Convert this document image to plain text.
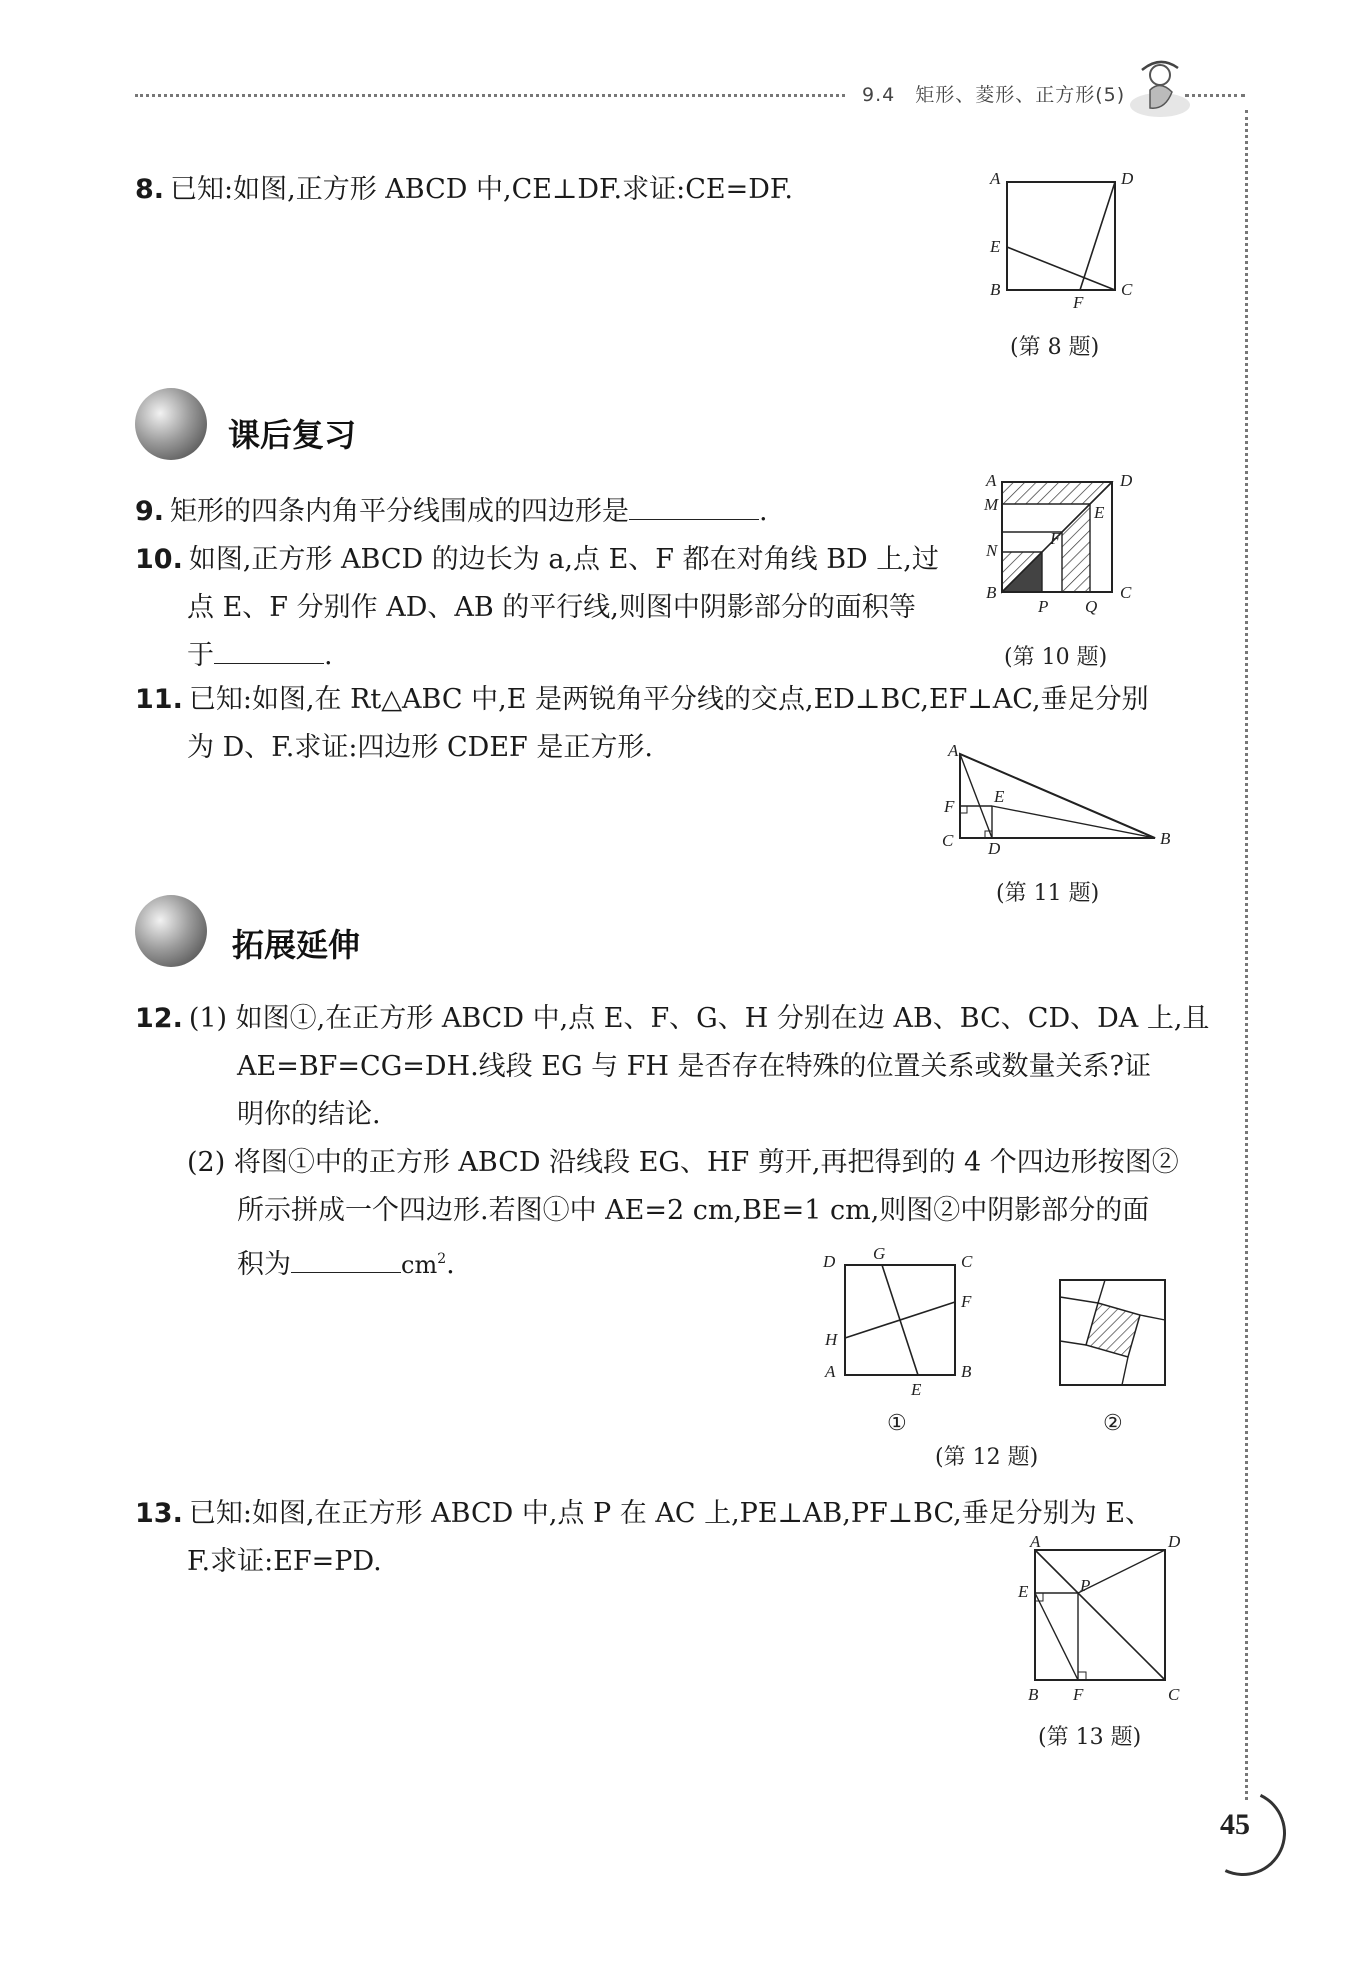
9.4　矩形、菱形、正方形(5)
8. 已知:如图,正方形 ABCD 中,CE⊥DF.求证:CE=DF.	A	D
E
B
F
C
(第 8 题)
课后复习
9. 矩形的四条内角平分线围成的四边形是	.
10. 如图,正方形 ABCD 的边长为 a,点 E、F 都在对角线 BD 上,过
点 E、F 分别作 AD、AB 的平行线,则图中阴影部分的面积等
于	.
A	D
M	E
N
F
B
P Q
C
(第 10 题)
11. 已知:如图,在 Rt△ABC 中,E 是两锐角平分线的交点,ED⊥BC,EF⊥AC,垂足分别
为 D、F.求证:四边形 CDEF 是正方形.	A
F
E
C D
B
(第 11 题)
拓展延伸
12. (1) 如图①,在正方形 ABCD 中,点 E、F、G、H 分别在边 AB、BC、CD、DA 上,且
AE=BF=CG=DH.线段 EG 与 FH 是否存在特殊的位置关系或数量关系?证
明你的结论.
(2) 将图①中的正方形 ABCD 沿线段 EG、HF 剪开,再把得到的 4 个四边形按图②
所示拼成一个四边形.若图①中 AE=2 cm,BE=1 cm,则图②中阴影部分的面
积为	$cm^2$.	D G	C
F
H
A
E
B
①	②
(第 12 题)
13. 已知:如图,在正方形 ABCD 中,点 P 在 AC 上,PE⊥AB,PF⊥BC,垂足分别为 E、
F.求证:EF=PD.
A	D
P
E
B F	C
(第 13 题)
45
